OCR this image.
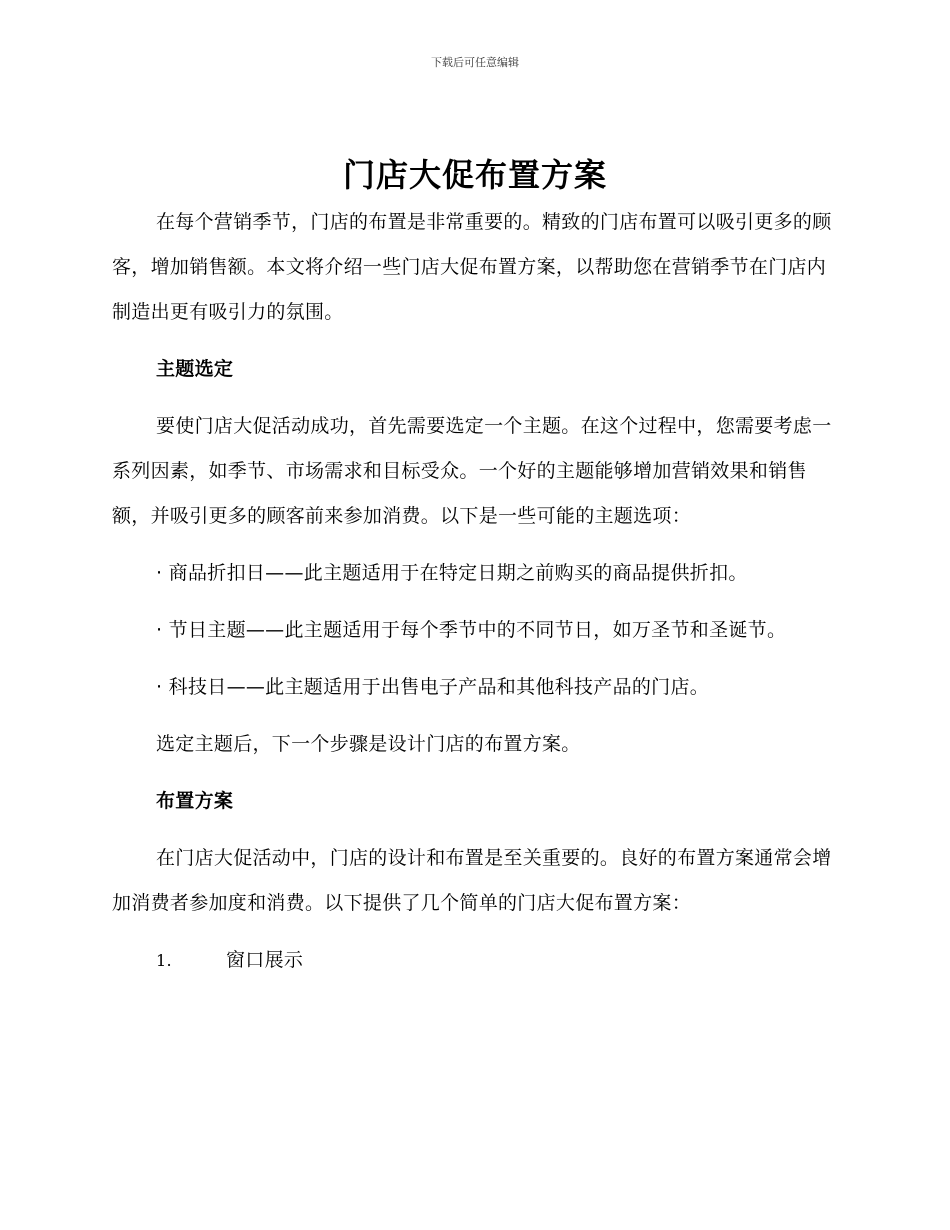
下载后可任意编辑
门店大促布置方案

在每个营销季节，门店的布置是非常重要的。精致的门店布置可以吸引更多的顾客，增加销售额。本文将介绍一些门店大促布置方案，以帮助您在营销季节在门店内制造出更有吸引力的氛围。

主题选定

要使门店大促活动成功，首先需要选定一个主题。在这个过程中，您需要考虑一系列因素，如季节、市场需求和目标受众。一个好的主题能够增加营销效果和销售额，并吸引更多的顾客前来参加消费。以下是一些可能的主题选项：

· 商品折扣日——此主题适用于在特定日期之前购买的商品提供折扣。

· 节日主题——此主题适用于每个季节中的不同节日，如万圣节和圣诞节。

· 科技日——此主题适用于出售电子产品和其他科技产品的门店。

选定主题后，下一个步骤是设计门店的布置方案。

布置方案

在门店大促活动中，门店的设计和布置是至关重要的。良好的布置方案通常会增加消费者参加度和消费。以下提供了几个简单的门店大促布置方案：

1.	窗口展示
